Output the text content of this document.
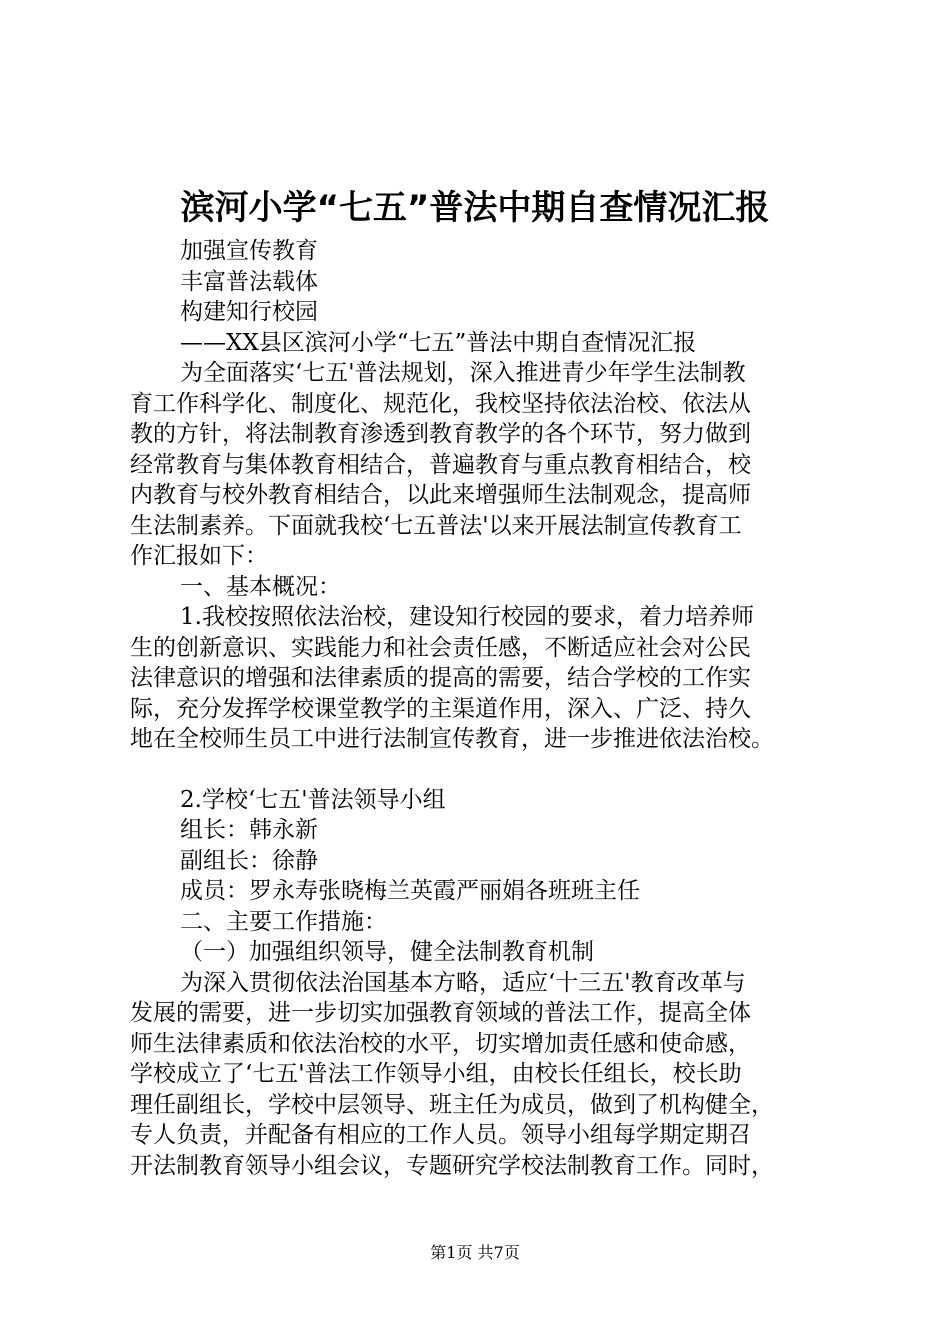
滨河小学“七五”普法中期自查情况汇报

加强宣传教育

丰富普法载体

构建知行校园

——XX县区滨河小学“七五”普法中期自查情况汇报

为全面落实‘七五'普法规划，深入推进青少年学生法制教

育工作科学化、制度化、规范化，我校坚持依法治校、依法从

教的方针，将法制教育渗透到教育教学的各个环节，努力做到

经常教育与集体教育相结合，普遍教育与重点教育相结合，校

内教育与校外教育相结合，以此来增强师生法制观念，提高师

生法制素养。下面就我校‘七五普法'以来开展法制宣传教育工

作汇报如下：

一、基本概况：

1.我校按照依法治校，建设知行校园的要求，着力培养师

生的创新意识、实践能力和社会责任感，不断适应社会对公民

法律意识的增强和法律素质的提高的需要，结合学校的工作实

际，充分发挥学校课堂教学的主渠道作用，深入、广泛、持久

地在全校师生员工中进行法制宣传教育，进一步推进依法治校。

2.学校‘七五'普法领导小组

组长：韩永新

副组长：徐静

成员：罗永寿张晓梅兰英霞严丽娟各班班主任

二、主要工作措施：

（一）加强组织领导，健全法制教育机制

为深入贯彻依法治国基本方略，适应‘十三五'教育改革与

发展的需要，进一步切实加强教育领域的普法工作，提高全体

师生法律素质和依法治校的水平，切实增加责任感和使命感，

学校成立了‘七五'普法工作领导小组，由校长任组长，校长助

理任副组长，学校中层领导、班主任为成员，做到了机构健全，

专人负责，并配备有相应的工作人员。领导小组每学期定期召

开法制教育领导小组会议，专题研究学校法制教育工作。同时，

第1页 共7页
